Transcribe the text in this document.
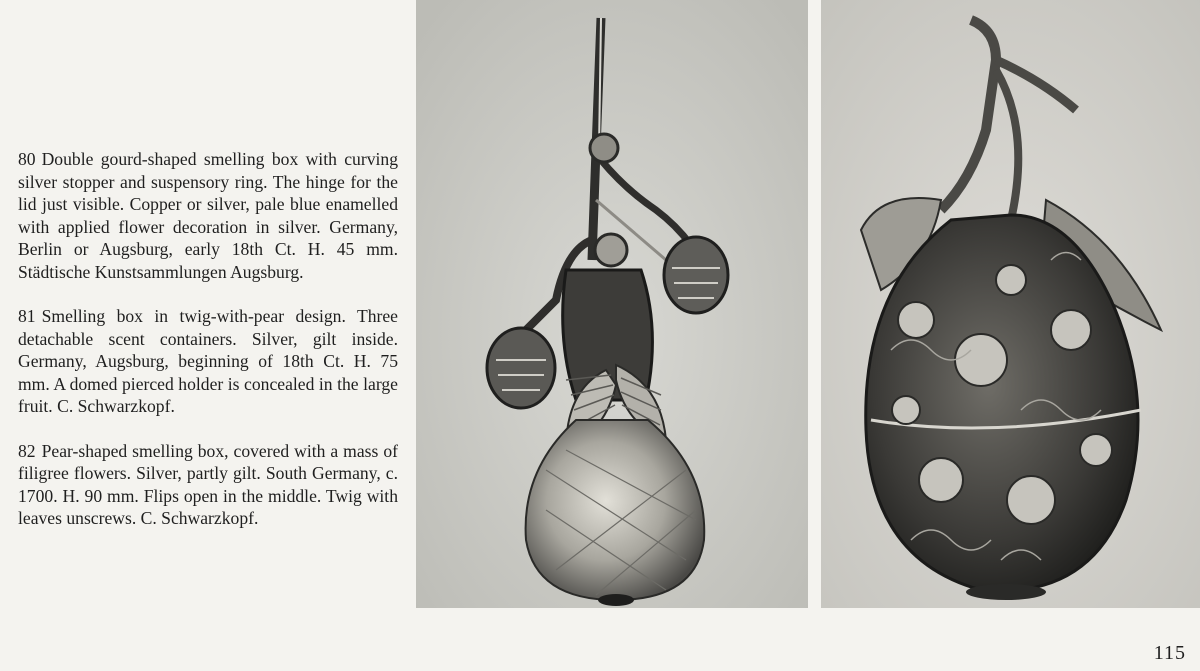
80 Double gourd-shaped smelling box with curving silver stopper and suspensory ring. The hinge for the lid just visible. Copper or silver, pale blue enamelled with applied flower decoration in silver. Germany, Berlin or Augsburg, early 18th Ct. H. 45 mm. Städtische Kunstsammlungen Augsburg.

81 Smelling box in twig-with-pear design. Three detachable scent containers. Silver, gilt inside. Germany, Augsburg, beginning of 18th Ct. H. 75 mm. A domed pierced holder is concealed in the large fruit. C. Schwarzkopf.

82 Pear-shaped smelling box, covered with a mass of filigree flowers. Silver, partly gilt. South Germany, c. 1700. H. 90 mm. Flips open in the middle. Twig with leaves unscrews. C. Schwarzkopf.

115
